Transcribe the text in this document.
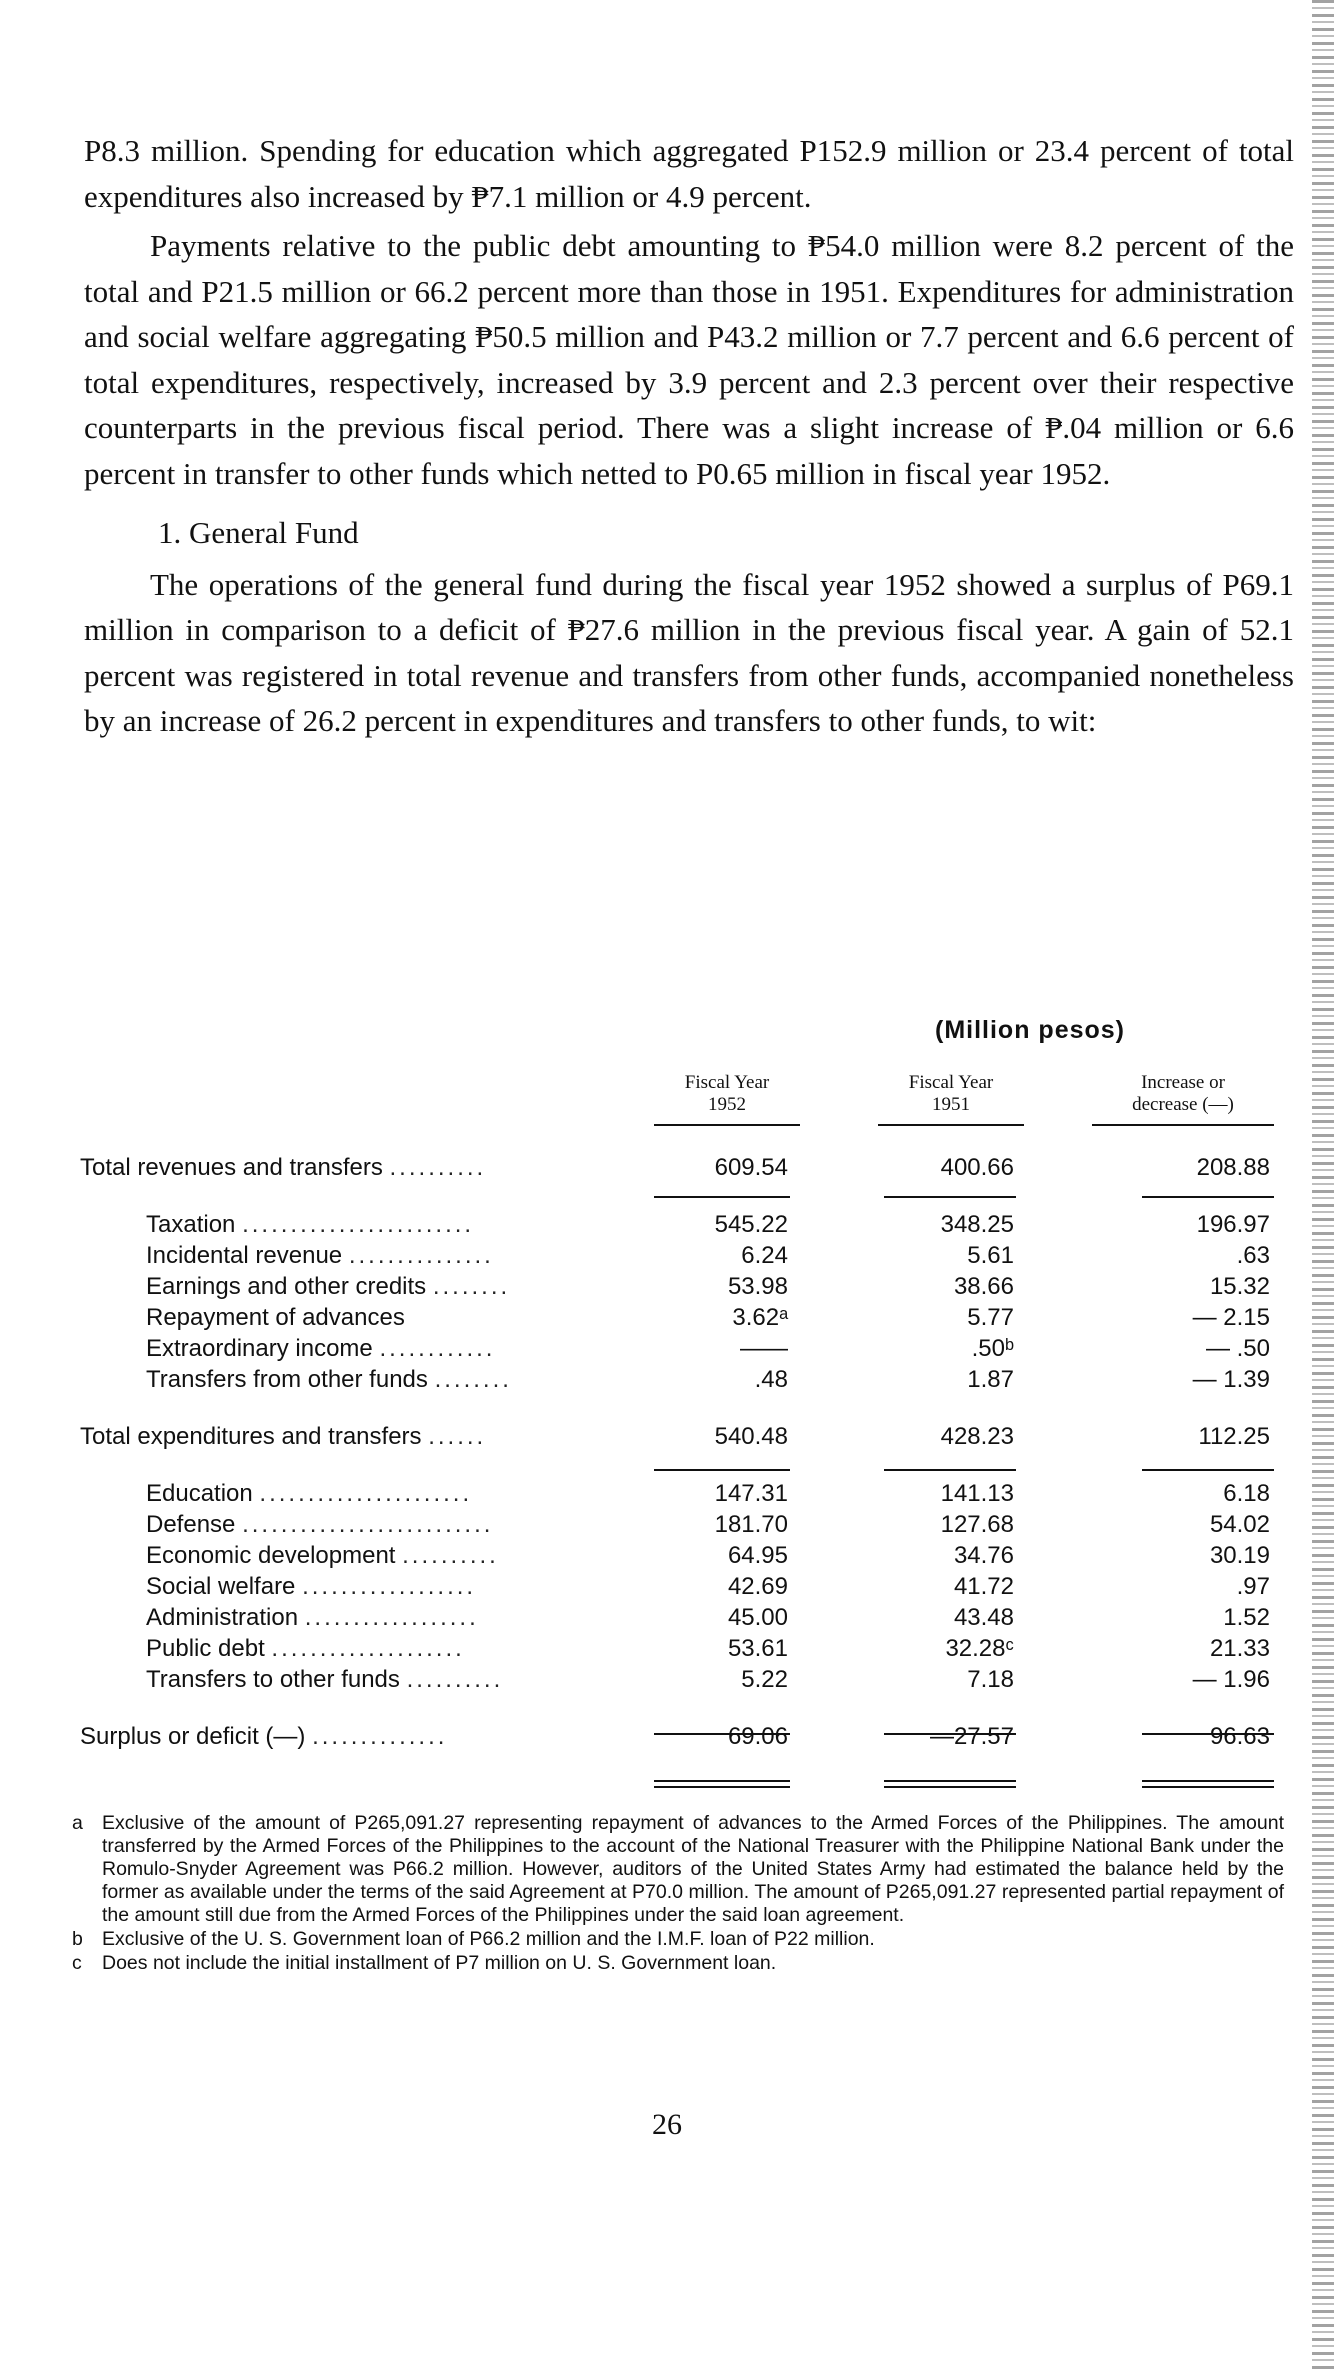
P8.3 million. Spending for education which aggregated P152.9 million or 23.4 percent of total expenditures also increased by ₱7.1 million or 4.9 percent.

Payments relative to the public debt amounting to ₱54.0 million were 8.2 percent of the total and P21.5 million or 66.2 percent more than those in 1951. Expenditures for administration and social welfare aggregating ₱50.5 million and P43.2 million or 7.7 percent and 6.6 percent of total expenditures, respectively, increased by 3.9 percent and 2.3 percent over their respective counterparts in the previous fiscal period. There was a slight increase of ₱.04 million or 6.6 percent in transfer to other funds which netted to P0.65 million in fiscal year 1952.

1. General Fund

The operations of the general fund during the fiscal year 1952 showed a surplus of P69.1 million in comparison to a deficit of ₱27.6 million in the previous fiscal year. A gain of 52.1 percent was registered in total revenue and transfers from other funds, accompanied nonetheless by an increase of 26.2 percent in expenditures and transfers to other funds, to wit:

(Million pesos)
Fiscal Year
1952
Fiscal Year
1951
Increase or
decrease (—)
Total revenues and transfers ..........	609.54	400.66	208.88
Taxation ........................	545.22	348.25	196.97
Incidental revenue ...............	6.24	5.61	.63
Earnings and other credits ........	53.98	38.66	15.32
Repayment of advances	3.62ᵃ	5.77	— 2.15
Extraordinary income ............	——	.50ᵇ	— .50
Transfers from other funds ........	.48	1.87	— 1.39
Total expenditures and transfers ......	540.48	428.23	112.25
Education ......................	147.31	141.13	6.18
Defense ..........................	181.70	127.68	54.02
Economic development ..........	64.95	34.76	30.19
Social welfare ..................	42.69	41.72	.97
Administration ..................	45.00	43.48	1.52
Public debt ....................	53.61	32.28ᶜ	21.33
Transfers to other funds ..........	5.22	7.18	— 1.96
Surplus or deficit (—) ..............	69.06	—27.57	96.63
a Exclusive of the amount of P265,091.27 representing repayment of advances to the Armed Forces of the Philippines. The amount transferred by the Armed Forces of the Philippines to the account of the National Treasurer with the Philippine National Bank under the Romulo-Snyder Agreement was P66.2 million. However, auditors of the United States Army had estimated the balance held by the former as available under the terms of the said Agreement at P70.0 million. The amount of P265,091.27 represented partial repayment of the amount still due from the Armed Forces of the Philippines under the said loan agreement.
b Exclusive of the U. S. Government loan of P66.2 million and the I.M.F. loan of P22 million.
c	Does not include the initial installment of P7 million on U. S. Government loan.
26
